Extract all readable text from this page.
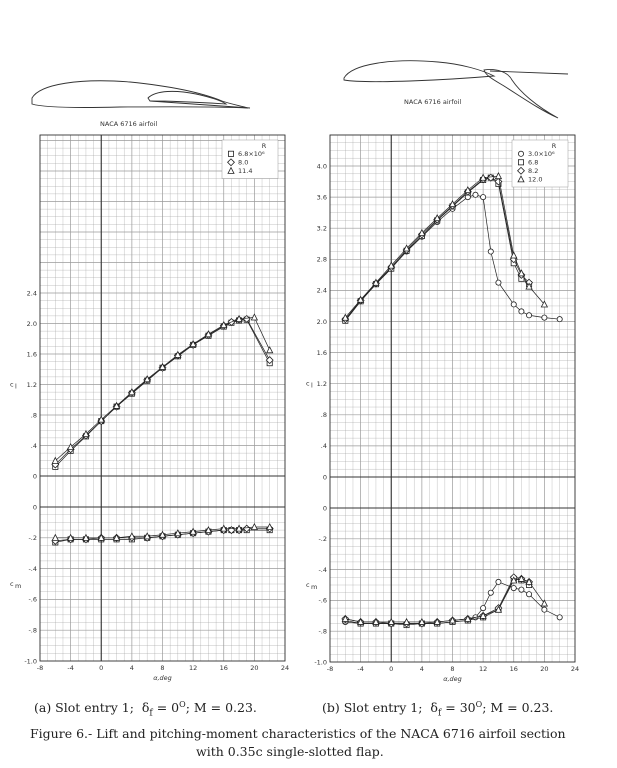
NACA 6716 airfoil
NACA 6716 airfoil
-8	-4	0	4	8	12	16	20	24
α,deg
0
.4
.8
1.2
1.6
2.0
2.4
0
-.2
-.4
-.6
-.8
-1.0
c l
c m
R
6.8×10⁶
8.0
11.4
-8	-4	0	4	8	12	16	20	24
α,deg
0
.4
.8
1.2
1.6
2.0
2.4
2.8
3.2
3.6
4.0
0
-.2
-.4
-.6
-.8
-1.0
c l
c m
R
3.0×10⁶
6.8
8.2
12.0
(a) Slot entry 1; $\delta_f = 0^O$; M = 0.23.	(b) Slot entry 1; $\delta_f = 30^O$; M = 0.23.
Figure 6.- Lift and pitching-moment characteristics of the NACA 6716 airfoil section
with 0.35c single-slotted flap.
